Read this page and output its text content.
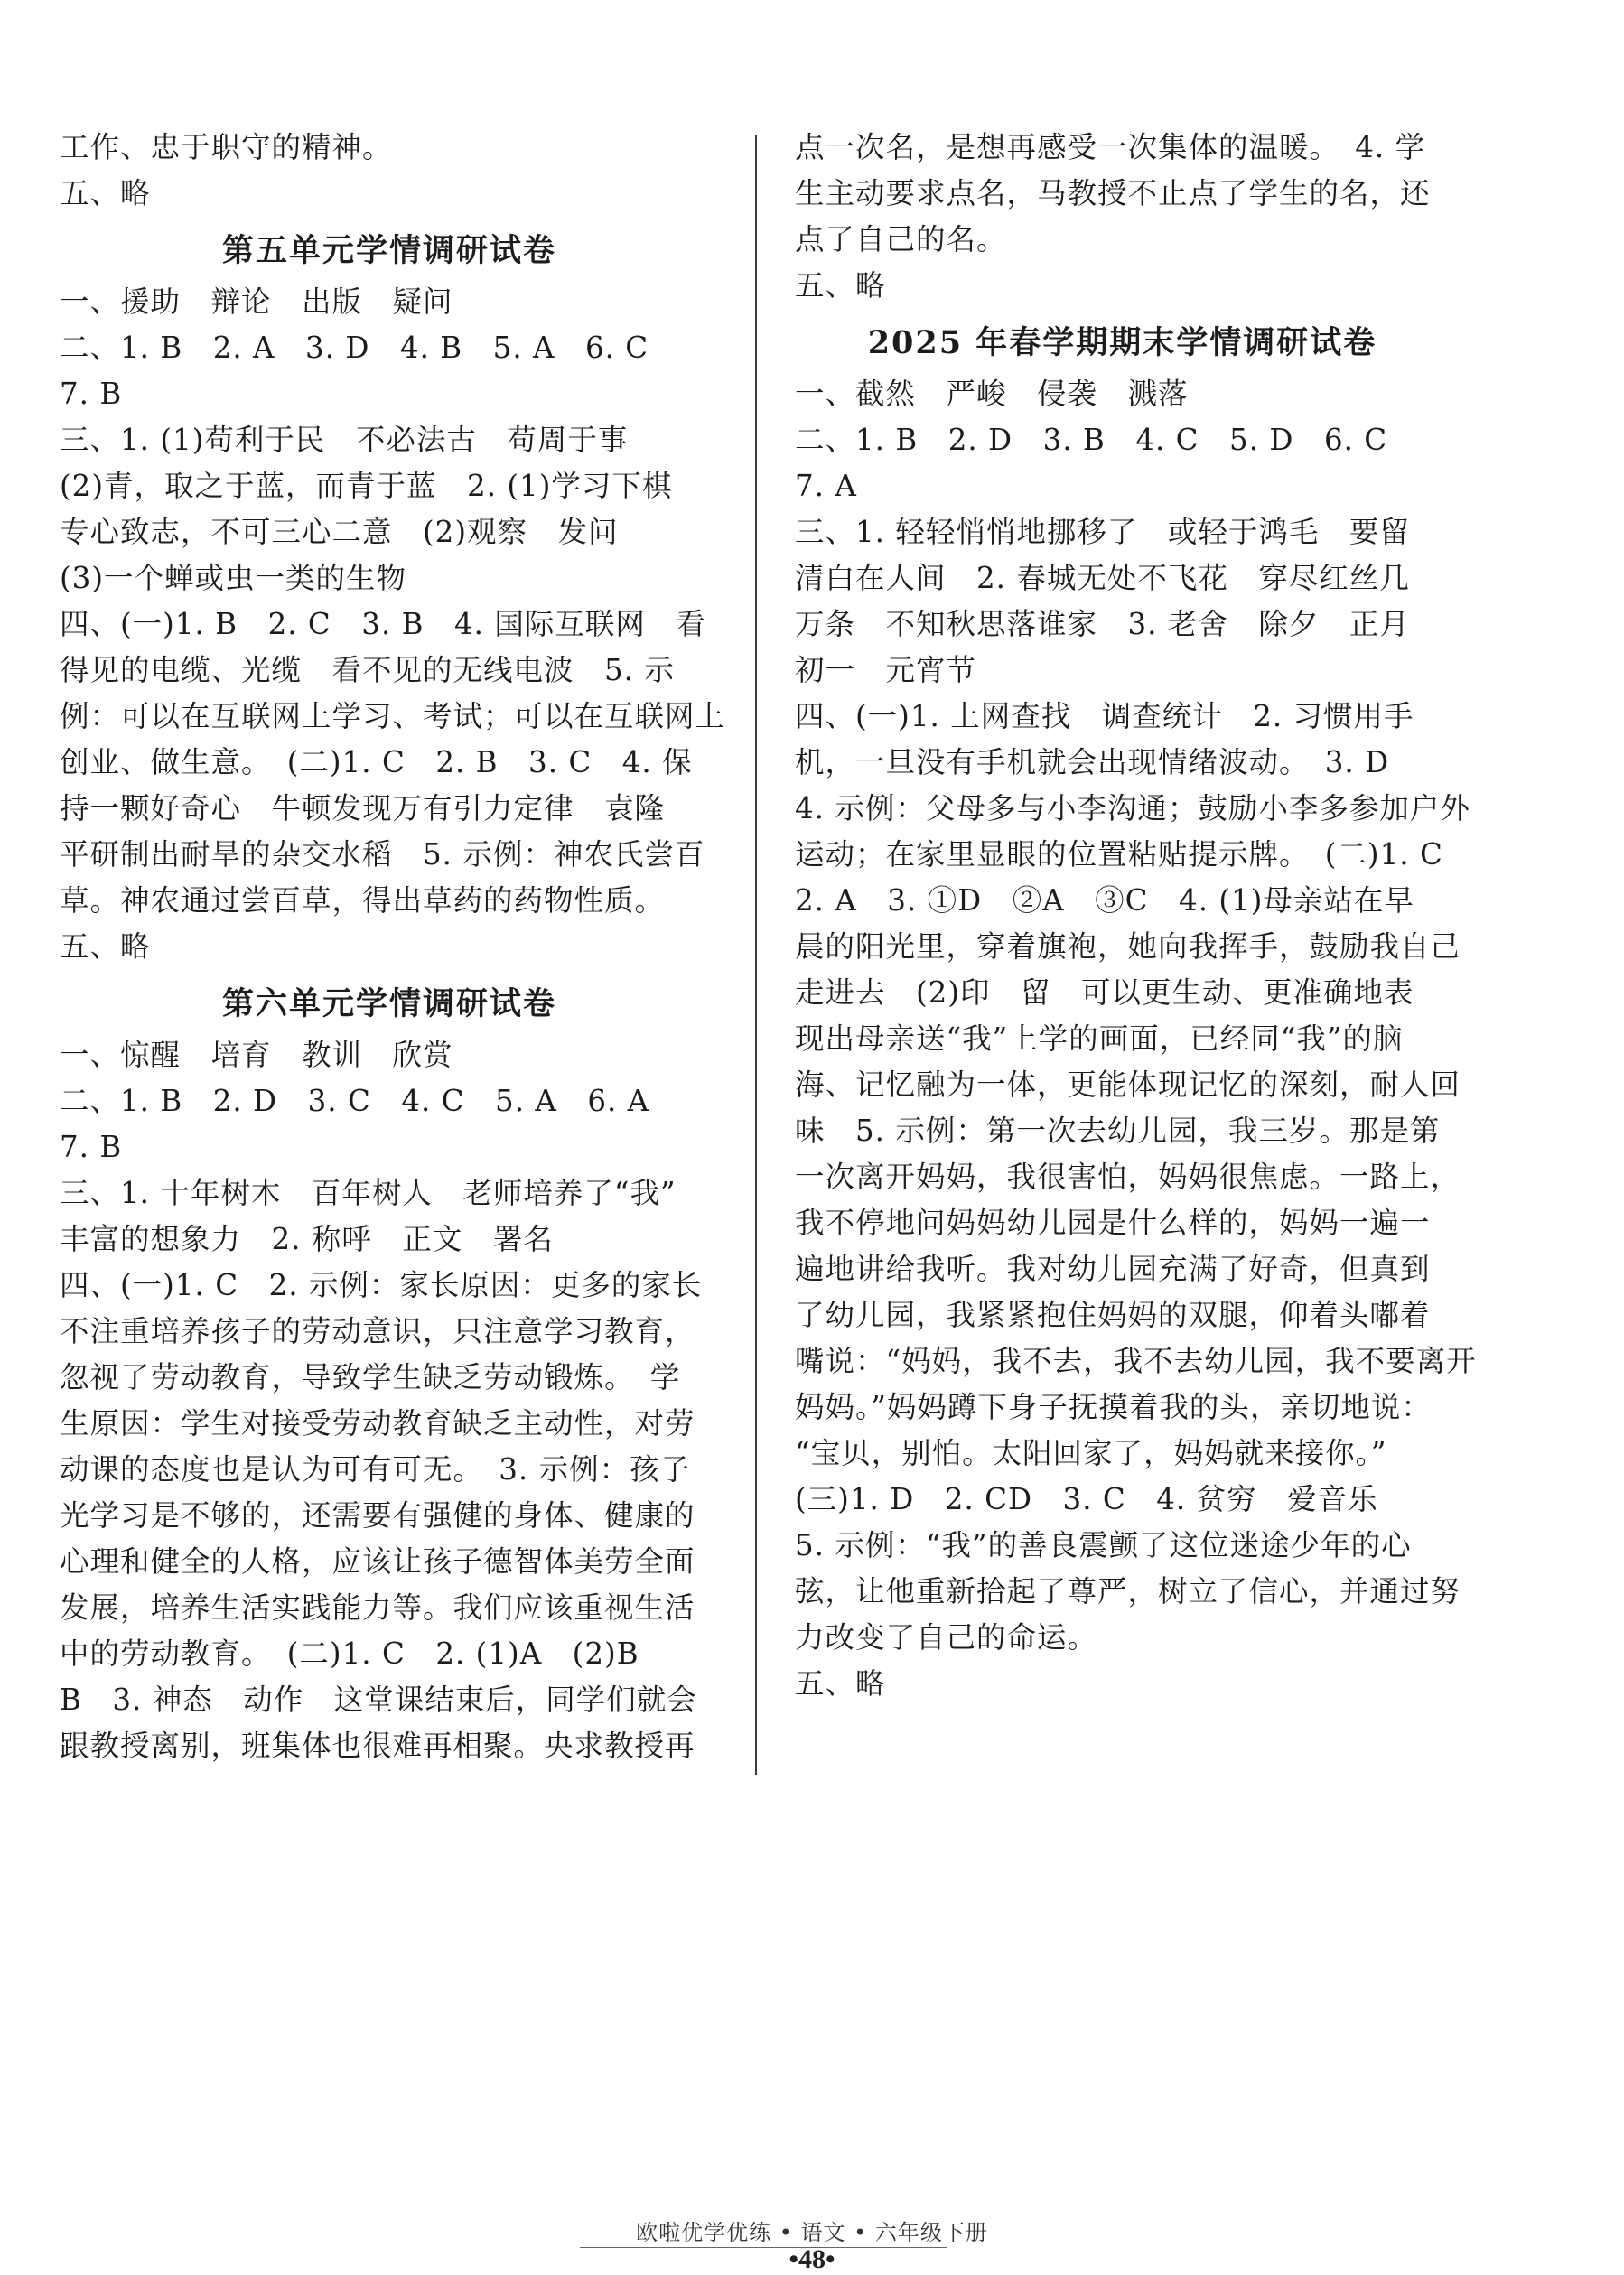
工作、忠于职守的精神。
五、略
第五单元学情调研试卷
一、援助　辩论　出版　疑问
二、1. B　2. A　3. D　4. B　5. A　6. C
7. B
三、1. (1)苟利于民　不必法古　苟周于事
(2)青，取之于蓝，而青于蓝　2. (1)学习下棋
专心致志，不可三心二意　(2)观察　发问
(3)一个蝉或虫一类的生物
四、(一)1. B　2. C　3. B　4. 国际互联网　看
得见的电缆、光缆　看不见的无线电波　5. 示
例：可以在互联网上学习、考试；可以在互联网上
创业、做生意。　(二)1. C　2. B　3. C　4. 保
持一颗好奇心　牛顿发现万有引力定律　袁隆
平研制出耐旱的杂交水稻　5. 示例：神农氏尝百
草。神农通过尝百草，得出草药的药物性质。
五、略
第六单元学情调研试卷
一、惊醒　培育　教训　欣赏
二、1. B　2. D　3. C　4. C　5. A　6. A
7. B
三、1. 十年树木　百年树人　老师培养了“我”
丰富的想象力　2. 称呼　正文　署名
四、(一)1. C　2. 示例：家长原因：更多的家长
不注重培养孩子的劳动意识，只注意学习教育，
忽视了劳动教育，导致学生缺乏劳动锻炼。　学
生原因：学生对接受劳动教育缺乏主动性，对劳
动课的态度也是认为可有可无。　3. 示例：孩子
光学习是不够的，还需要有强健的身体、健康的
心理和健全的人格，应该让孩子德智体美劳全面
发展，培养生活实践能力等。我们应该重视生活
中的劳动教育。　(二)1. C　2. (1)A　(2)B
B　3. 神态　动作　这堂课结束后，同学们就会
跟教授离别，班集体也很难再相聚。央求教授再
点一次名，是想再感受一次集体的温暖。　4. 学
生主动要求点名，马教授不止点了学生的名，还
点了自己的名。
五、略
2025 年春学期期末学情调研试卷
一、截然　严峻　侵袭　溅落
二、1. B　2. D　3. B　4. C　5. D　6. C
7. A
三、1. 轻轻悄悄地挪移了　或轻于鸿毛　要留
清白在人间　2. 春城无处不飞花　穿尽红丝几
万条　不知秋思落谁家　3. 老舍　除夕　正月
初一　元宵节
四、(一)1. 上网查找　调查统计　2. 习惯用手
机，一旦没有手机就会出现情绪波动。　3. D
4. 示例：父母多与小李沟通；鼓励小李多参加户外
运动；在家里显眼的位置粘贴提示牌。　(二)1. C
2. A　3. ①D　②A　③C　4. (1)母亲站在早
晨的阳光里，穿着旗袍，她向我挥手，鼓励我自己
走进去　(2)印　留　可以更生动、更准确地表
现出母亲送“我”上学的画面，已经同“我”的脑
海、记忆融为一体，更能体现记忆的深刻，耐人回
味　5. 示例：第一次去幼儿园，我三岁。那是第
一次离开妈妈，我很害怕，妈妈很焦虑。一路上，
我不停地问妈妈幼儿园是什么样的，妈妈一遍一
遍地讲给我听。我对幼儿园充满了好奇，但真到
了幼儿园，我紧紧抱住妈妈的双腿，仰着头嘟着
嘴说：“妈妈，我不去，我不去幼儿园，我不要离开
妈妈。”妈妈蹲下身子抚摸着我的头，亲切地说：
“宝贝，别怕。太阳回家了，妈妈就来接你。”
(三)1. D　2. CD　3. C　4. 贫穷　爱音乐
5. 示例：“我”的善良震颤了这位迷途少年的心
弦，让他重新拾起了尊严，树立了信心，并通过努
力改变了自己的命运。
五、略
欧啦优学优练 • 语文 • 六年级下册
•48•
